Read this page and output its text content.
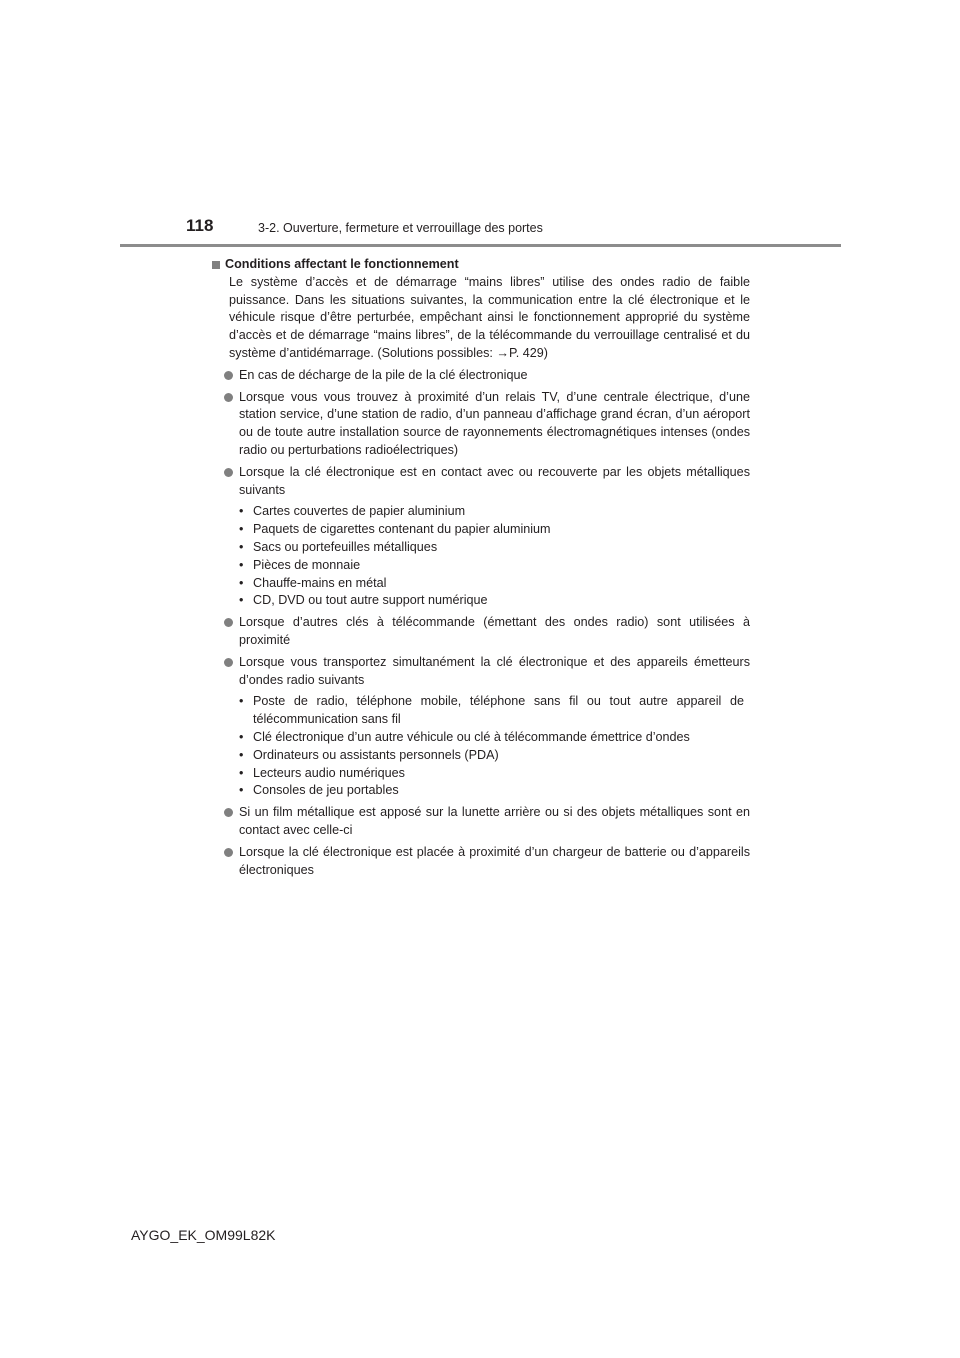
118	3-2. Ouverture, fermeture et verrouillage des portes
Conditions affectant le fonctionnement

Le système d’accès et de démarrage “mains libres” utilise des ondes radio de faible puissance. Dans les situations suivantes, la communication entre la clé électronique et le véhicule risque d’être perturbée, empêchant ainsi le fonctionnement approprié du système d’accès et de démarrage “mains libres”, de la télécommande du verrouillage centralisé et du système d’antidémarrage. (Solutions possibles: →P. 429)

En cas de décharge de la pile de la clé électronique
Lorsque vous vous trouvez à proximité d’un relais TV, d’une centrale électrique, d’une station service, d’une station de radio, d’un panneau d’affichage grand écran, d’un aéroport ou de toute autre installation source de rayonnements électromagnétiques intenses (ondes radio ou perturbations radioélectriques)
Lorsque la clé électronique est en contact avec ou recouverte par les objets métalliques suivants
• Cartes couvertes de papier aluminium
• Paquets de cigarettes contenant du papier aluminium
• Sacs ou portefeuilles métalliques
• Pièces de monnaie
• Chauffe-mains en métal
• CD, DVD ou tout autre support numérique
Lorsque d’autres clés à télécommande (émettant des ondes radio) sont utilisées à proximité
Lorsque vous transportez simultanément la clé électronique et des appareils émetteurs d’ondes radio suivants
• Poste de radio, téléphone mobile, téléphone sans fil ou tout autre appareil de télécommunication sans fil
• Clé électronique d’un autre véhicule ou clé à télécommande émettrice d’ondes
• Ordinateurs ou assistants personnels (PDA)
• Lecteurs audio numériques
• Consoles de jeu portables
Si un film métallique est apposé sur la lunette arrière ou si des objets métalliques sont en contact avec celle-ci
Lorsque la clé électronique est placée à proximité d’un chargeur de batterie ou d’appareils électroniques
AYGO_EK_OM99L82K
